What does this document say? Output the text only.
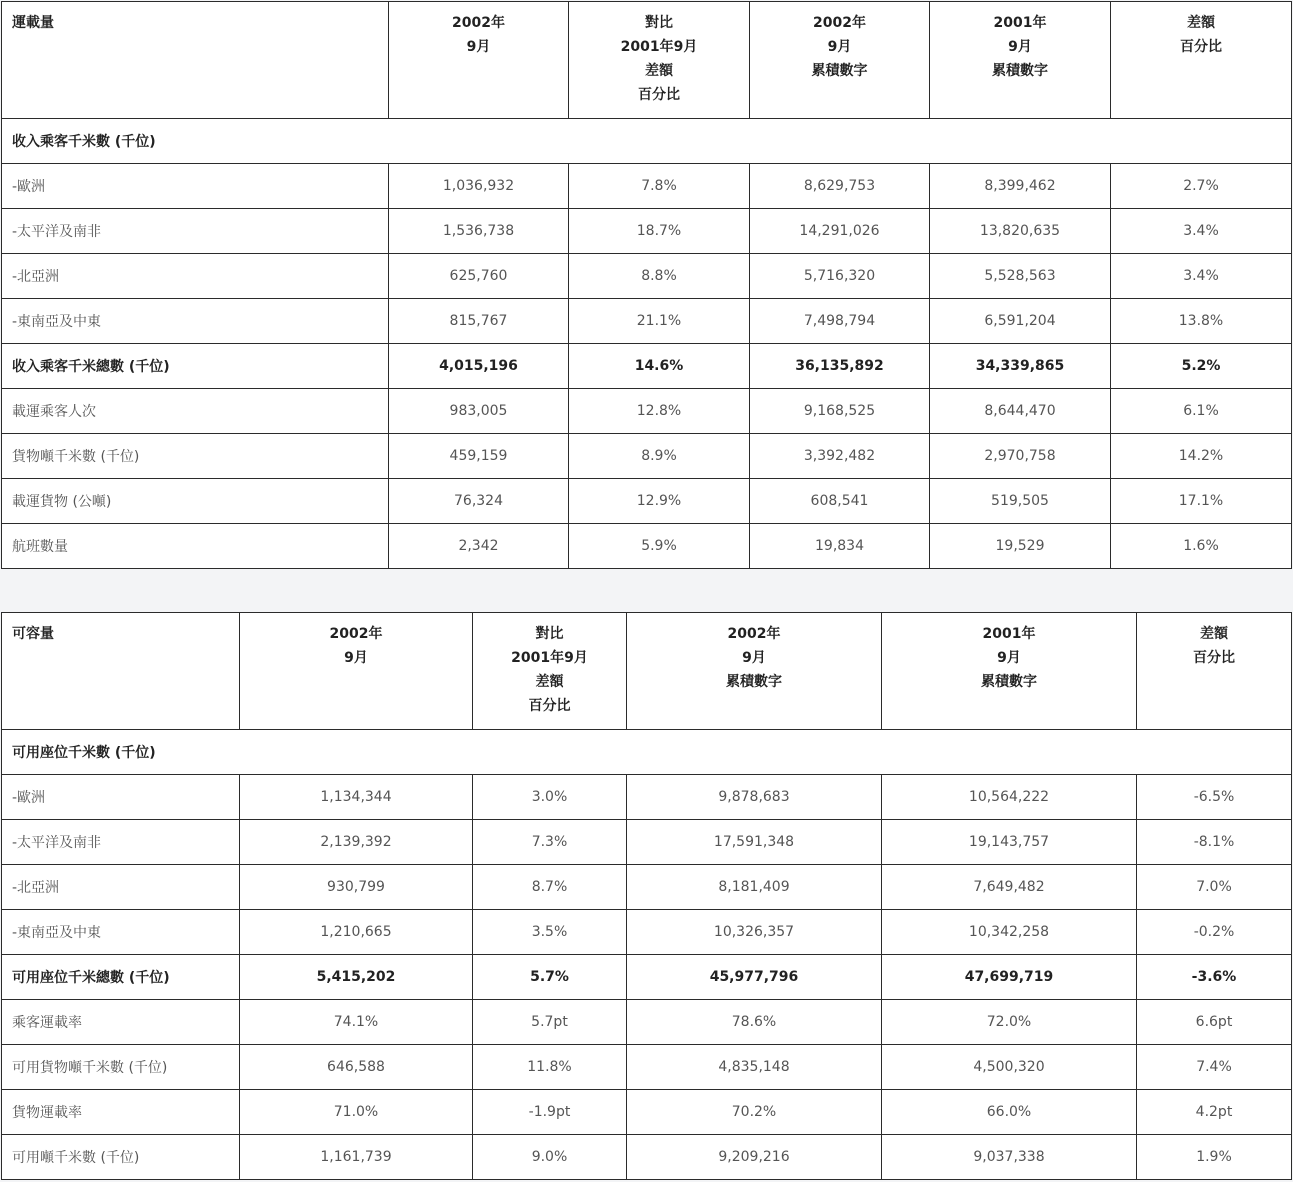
運載量	2002年
9月	對比
2001年9月
差額
百分比	2002年
9月
累積數字	2001年
9月
累積數字	差額
百分比
收入乘客千米數 (千位)					
-歐洲	1,036,932	7.8%	8,629,753	8,399,462	2.7%
-太平洋及南非	1,536,738	18.7%	14,291,026	13,820,635	3.4%
-北亞洲	625,760	8.8%	5,716,320	5,528,563	3.4%
-東南亞及中東	815,767	21.1%	7,498,794	6,591,204	13.8%
收入乘客千米總數 (千位)	4,015,196	14.6%	36,135,892	34,339,865	5.2%
載運乘客人次	983,005	12.8%	9,168,525	8,644,470	6.1%
貨物噸千米數 (千位)	459,159	8.9%	3,392,482	2,970,758	14.2%
載運貨物 (公噸)	76,324	12.9%	608,541	519,505	17.1%
航班數量	2,342	5.9%	19,834	19,529	1.6%
可容量	2002年
9月	對比
2001年9月
差額
百分比	2002年
9月
累積數字	2001年
9月
累積數字	差額
百分比
可用座位千米數 (千位)					
-歐洲	1,134,344	3.0%	9,878,683	10,564,222	-6.5%
-太平洋及南非	2,139,392	7.3%	17,591,348	19,143,757	-8.1%
-北亞洲	930,799	8.7%	8,181,409	7,649,482	7.0%
-東南亞及中東	1,210,665	3.5%	10,326,357	10,342,258	-0.2%
可用座位千米總數 (千位)	5,415,202	5.7%	45,977,796	47,699,719	-3.6%
乘客運載率	74.1%	5.7pt	78.6%	72.0%	6.6pt
可用貨物噸千米數 (千位)	646,588	11.8%	4,835,148	4,500,320	7.4%
貨物運載率	71.0%	-1.9pt	70.2%	66.0%	4.2pt
可用噸千米數 (千位)	1,161,739	9.0%	9,209,216	9,037,338	1.9%
